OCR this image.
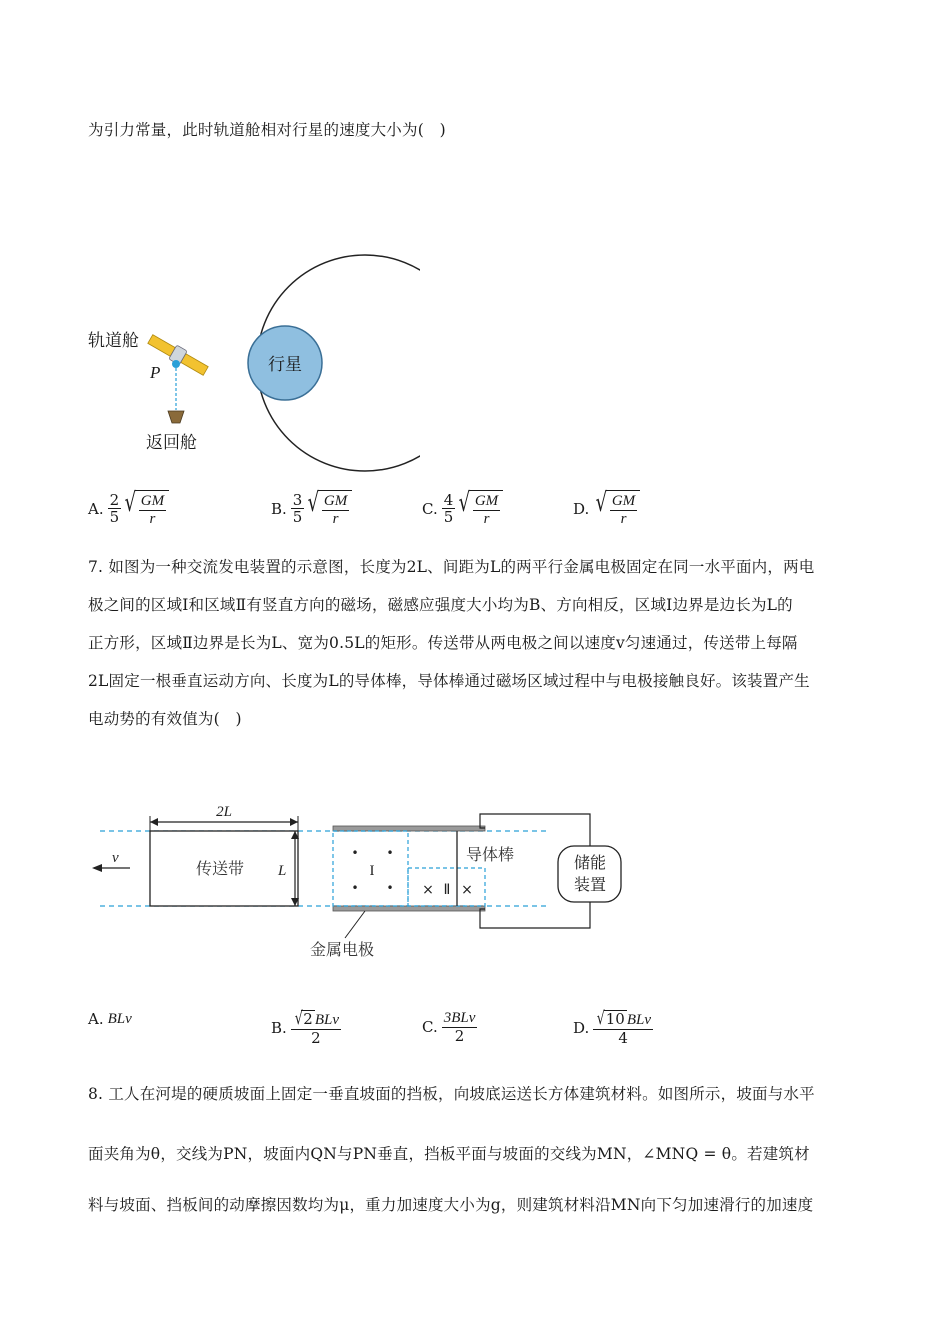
为引力常量，此时轨道舱相对行星的速度大小为(　)
行星
轨道舱
P
返回舱
A. $\frac{2}{5}$ √ $\frac{GM}{r}$	B. $\frac{3}{5}$ √ $\frac{GM}{r}$	C. $\frac{4}{5}$ √ $\frac{GM}{r}$	D. √ $\frac{GM}{r}$
7. 如图为一种交流发电装置的示意图，长度为2L、间距为L的两平行金属电极固定在同一水平面内，两电
极之间的区域I和区域Ⅱ有竖直方向的磁场，磁感应强度大小均为B、方向相反，区域I边界是边长为L的
正方形，区域Ⅱ边界是长为L、宽为0.5L的矩形。传送带从两电极之间以速度v匀速通过，传送带上每隔
2L固定一根垂直运动方向、长度为L的导体棒，导体棒通过磁场区域过程中与电极接触良好。该装置产生
电动势的有效值为(　)
传送带
2L
L
v	• •
• •
I
× Ⅱ ×
导体棒	储能
装置
金属电极
A. BLv
B. $\frac{\text{√ 2 BLv}}{2}$	C. $\frac{\text{3BLv}}{2}$	D. $\frac{\text{√ 10 BLv}}{4}$
8. 工人在河堤的硬质坡面上固定一垂直坡面的挡板，向坡底运送长方体建筑材料。如图所示，坡面与水平
面夹角为θ，交线为PN，坡面内QN与PN垂直，挡板平面与坡面的交线为MN，∠MNQ = θ。若建筑材
料与坡面、挡板间的动摩擦因数均为μ，重力加速度大小为g，则建筑材料沿MN向下匀加速滑行的加速度
